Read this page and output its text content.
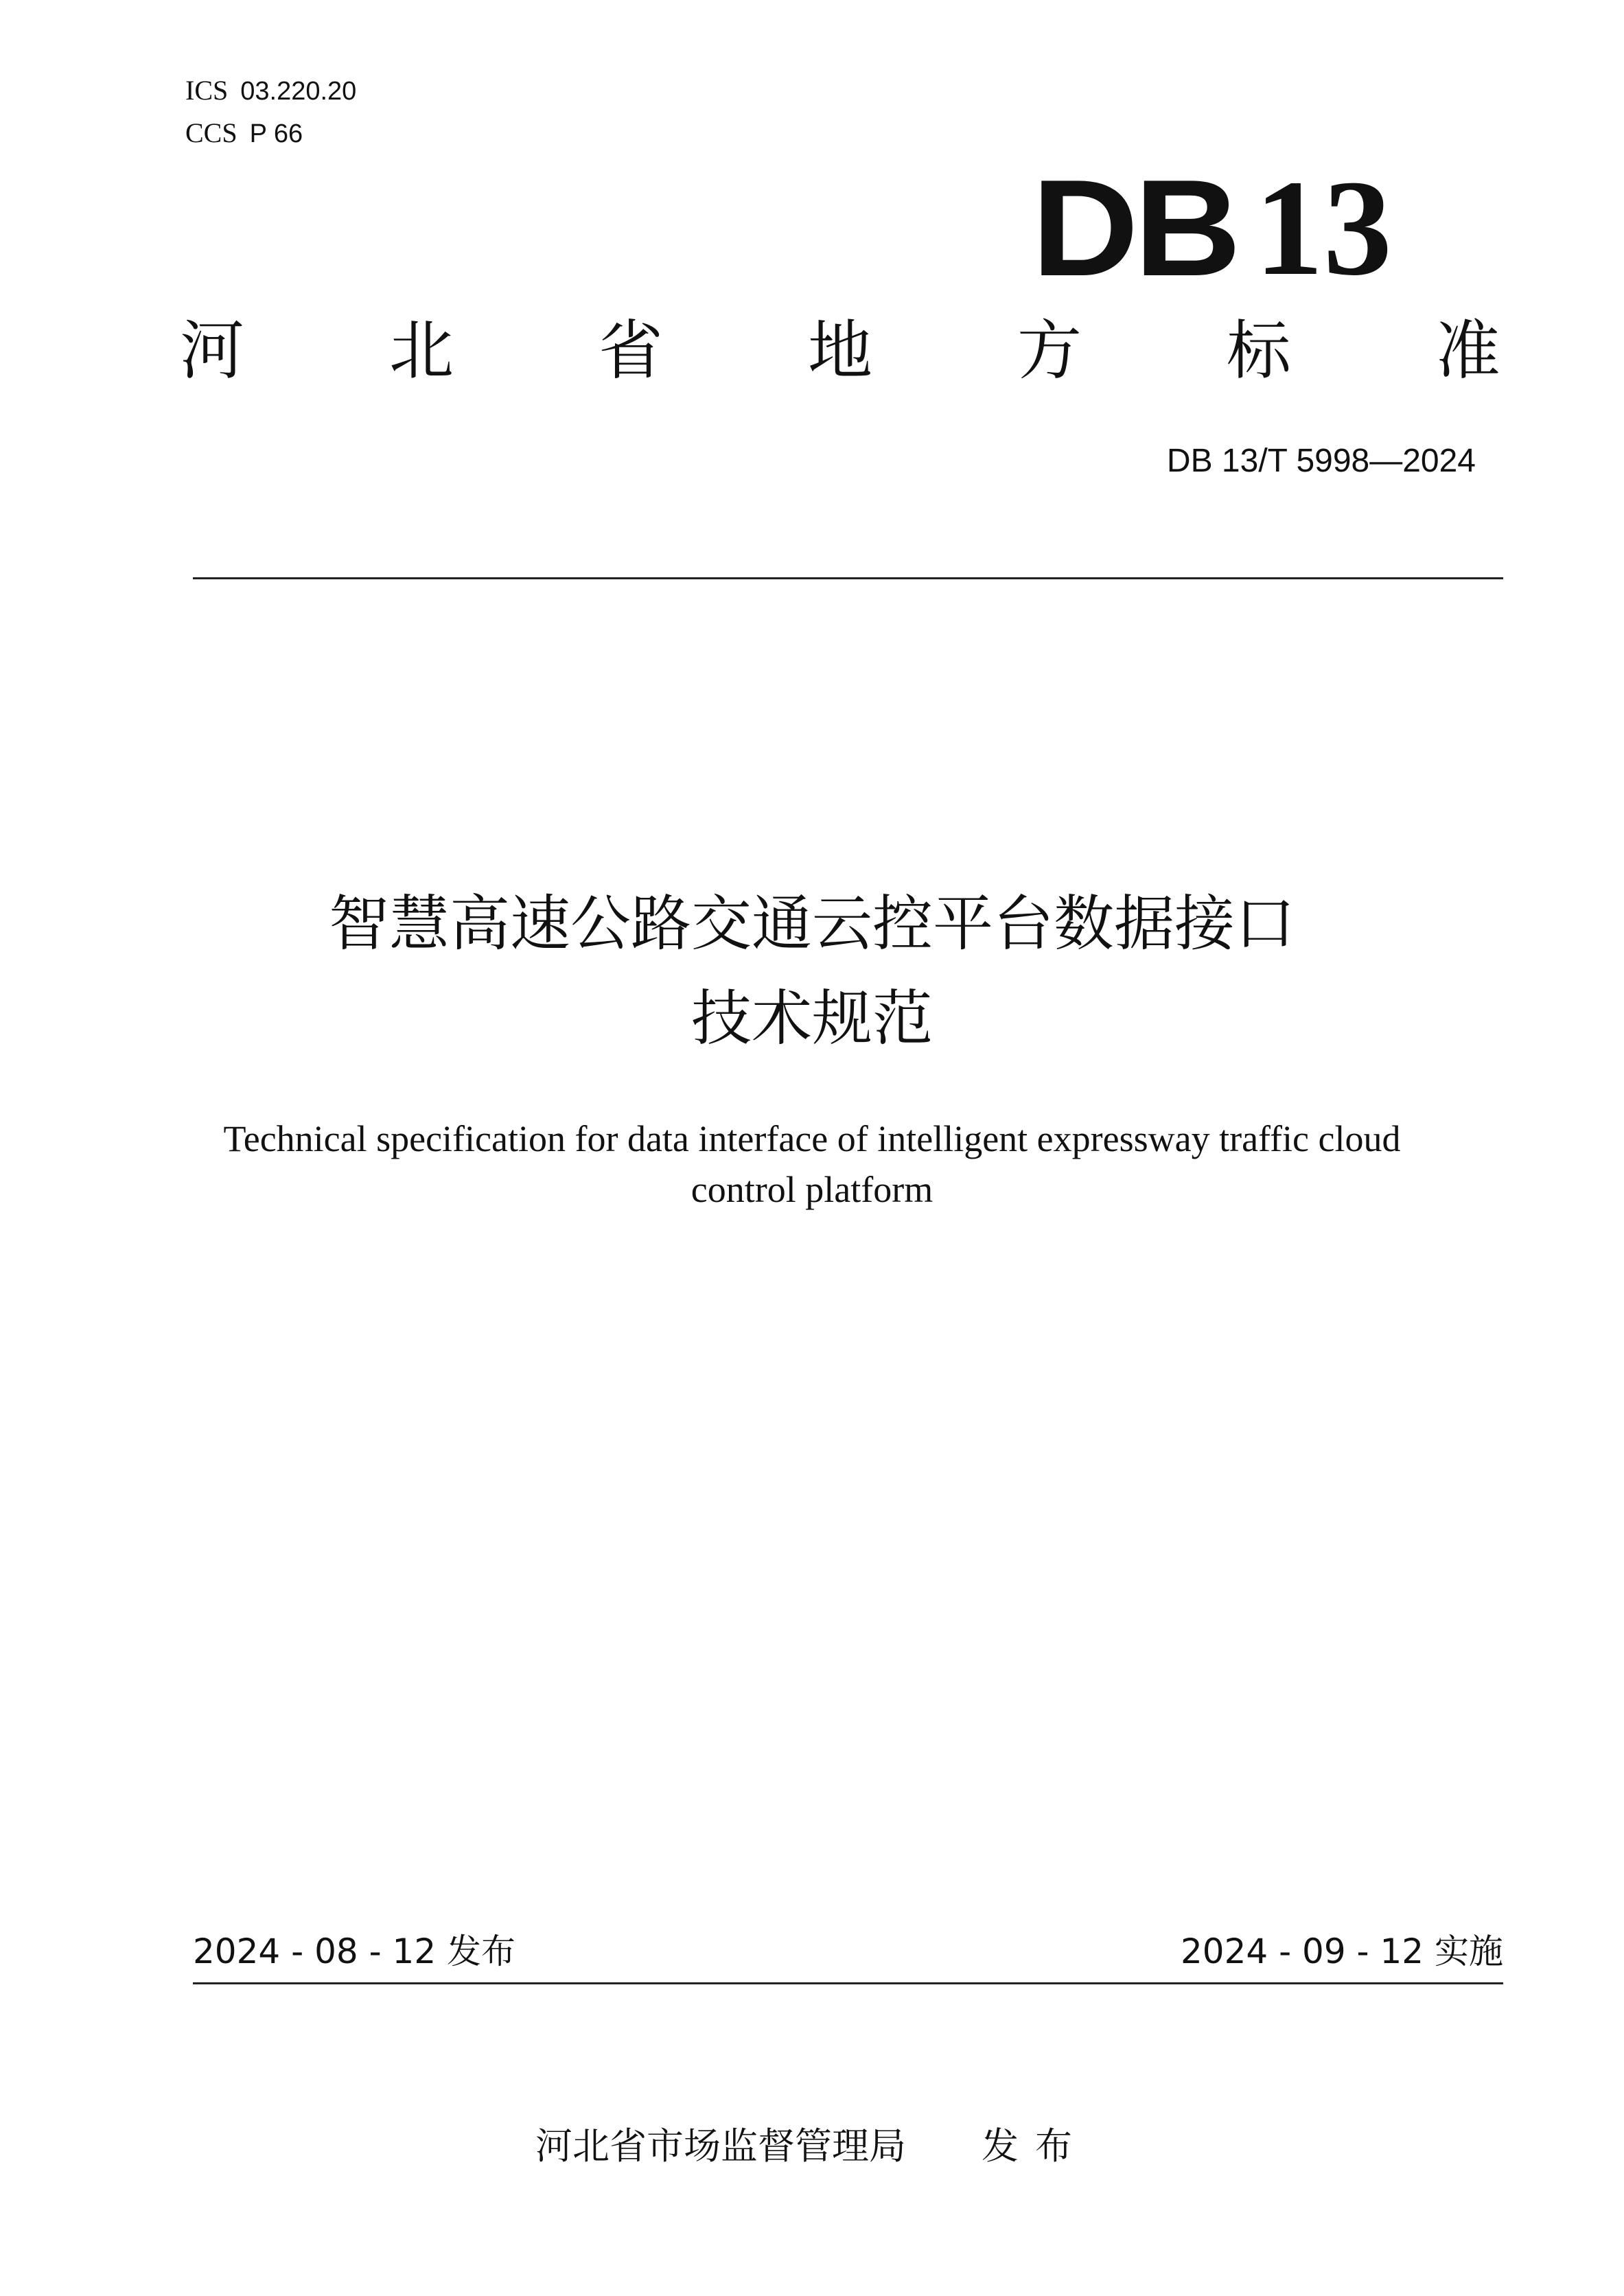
ICS 03.220.20
CCS P 66
DB 13
河 北 省 地 方 标 准
DB 13/T 5998—2024
智慧高速公路交通云控平台数据接口
技术规范
Technical specification for data interface of intelligent expressway traffic cloud
control platform
2024 - 08 - 12 发布	2024 - 09 - 12 实施
河北省市场监督管理局 发布
